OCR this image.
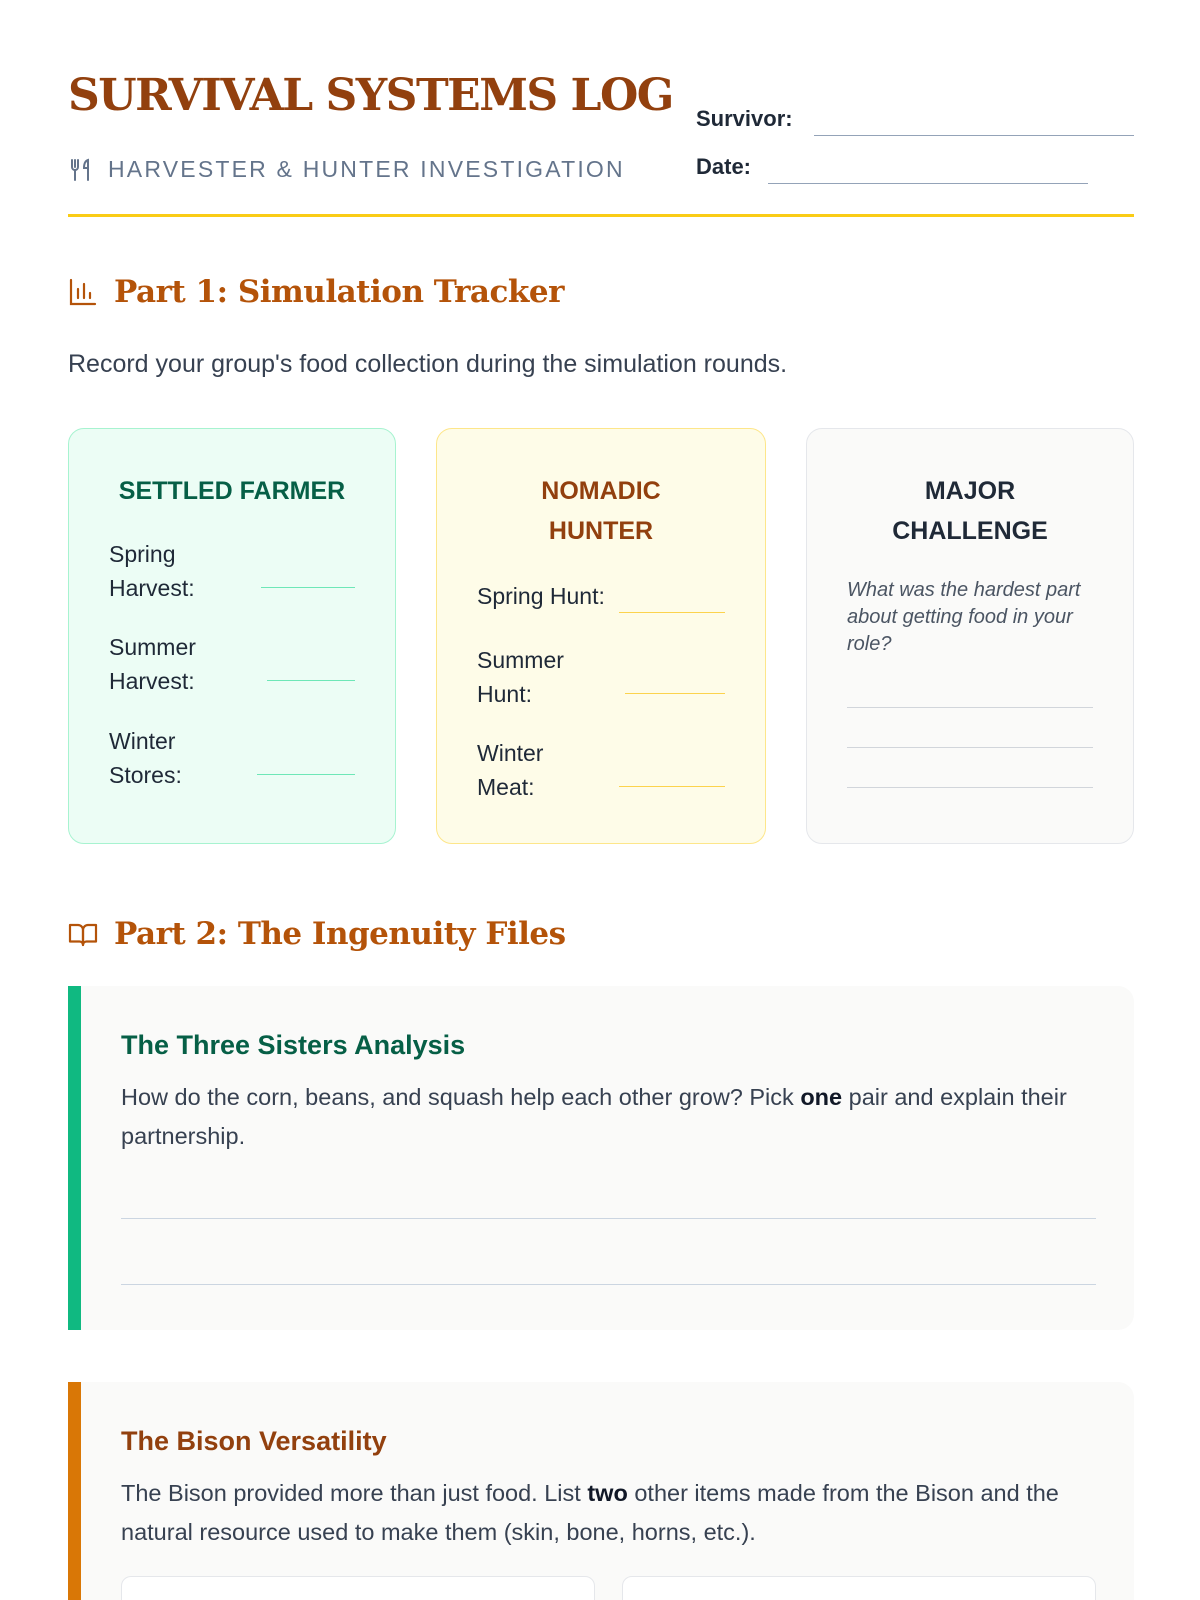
SURVIVAL SYSTEMS LOG
HARVESTER & HUNTER INVESTIGATION
Survivor:
Date:
Part 1: Simulation Tracker
Record your group's food collection during the simulation rounds.
SETTLED FARMER
Spring Harvest:
Summer Harvest:
Winter Stores:
NOMADIC
HUNTER
Spring Hunt:
Summer Hunt:
Winter Meat:
MAJOR
CHALLENGE
What was the hardest part about getting food in your role?
Part 2: The Ingenuity Files
The Three Sisters Analysis
How do the corn, beans, and squash help each other grow? Pick one pair and explain their partnership.
The Bison Versatility
The Bison provided more than just food. List two other items made from the Bison and the natural resource used to make them (skin, bone, horns, etc.).
